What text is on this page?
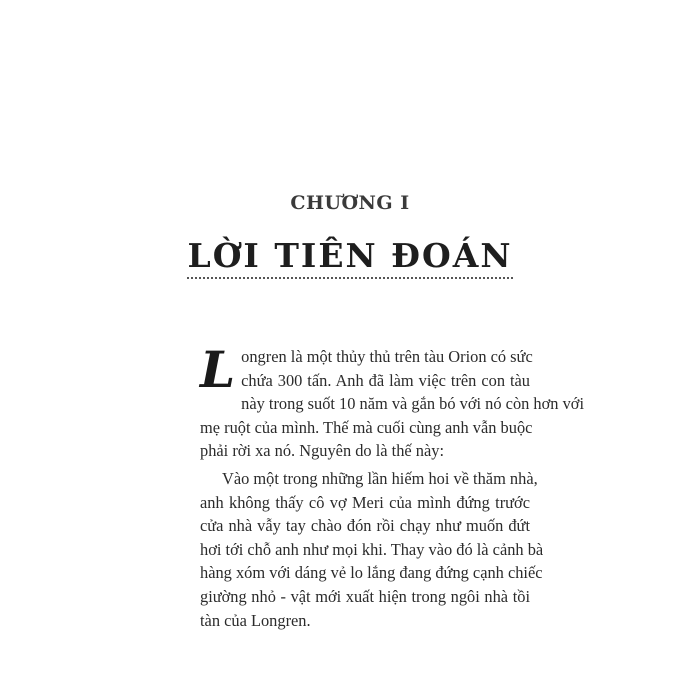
CHƯƠNG I
LỜI TIÊN ĐOÁN

L ongren là một thủy thủ trên tàu Orion có sức
chứa 300 tấn. Anh đã làm việc trên con tàu
này trong suốt 10 năm và gắn bó với nó còn hơn với
mẹ ruột của mình. Thế mà cuối cùng anh vẫn buộc
phải rời xa nó. Nguyên do là thế này:

Vào một trong những lần hiếm hoi về thăm nhà,
anh không thấy cô vợ Meri của mình đứng trước
cửa nhà vẫy tay chào đón rồi chạy như muốn đứt
hơi tới chỗ anh như mọi khi. Thay vào đó là cảnh bà
hàng xóm với dáng vẻ lo lắng đang đứng cạnh chiếc
giường nhỏ - vật mới xuất hiện trong ngôi nhà tồi
tàn của Longren.
